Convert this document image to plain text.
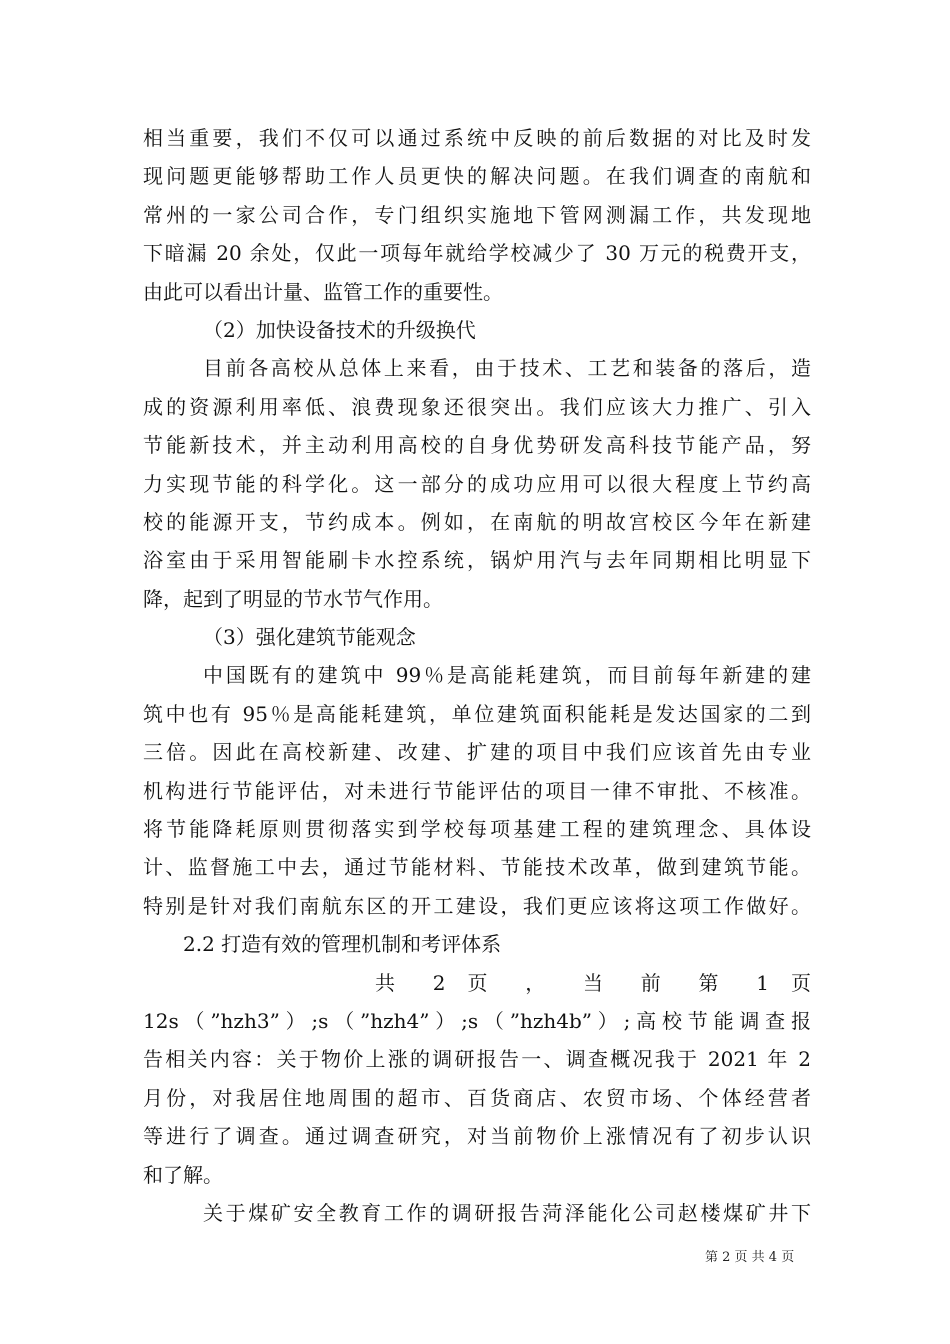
相当重要，我们不仅可以通过系统中反映的前后数据的对比及时发
现问题更能够帮助工作人员更快的解决问题。在我们调查的南航和
常州的一家公司合作，专门组织实施地下管网测漏工作，共发现地
下暗漏 20 余处，仅此一项每年就给学校减少了 30 万元的税费开支，
由此可以看出计量、监管工作的重要性。
（2）加快设备技术的升级换代
目前各高校从总体上来看，由于技术、工艺和装备的落后，造
成的资源利用率低、浪费现象还很突出。我们应该大力推广、引入
节能新技术，并主动利用高校的自身优势研发高科技节能产品，努
力实现节能的科学化。这一部分的成功应用可以很大程度上节约高
校的能源开支，节约成本。例如，在南航的明故宫校区今年在新建
浴室由于采用智能刷卡水控系统，锅炉用汽与去年同期相比明显下
降，起到了明显的节水节气作用。
（3）强化建筑节能观念
中国既有的建筑中 99％是高能耗建筑，而目前每年新建的建
筑中也有 95％是高能耗建筑，单位建筑面积能耗是发达国家的二到
三倍。因此在高校新建、改建、扩建的项目中我们应该首先由专业
机构进行节能评估，对未进行节能评估的项目一律不审批、不核准。
将节能降耗原则贯彻落实到学校每项基建工程的建筑理念、具体设
计、监督施工中去，通过节能材料、节能技术改革，做到建筑节能。
特别是针对我们南航东区的开工建设，我们更应该将这项工作做好。
2.2 打造有效的管理机制和考评体系
共 2 页 ， 当 前 第 1 页
12s（”hzh3”）;s（”hzh4”）;s（”hzh4b”）;高校节能调查报
告相关内容：关于物价上涨的调研报告一、调查概况我于 2021 年 2
月份，对我居住地周围的超市、百货商店、农贸市场、个体经营者
等进行了调查。通过调查研究，对当前物价上涨情况有了初步认识
和了解。
关于煤矿安全教育工作的调研报告菏泽能化公司赵楼煤矿井下
第 2 页 共 4 页
